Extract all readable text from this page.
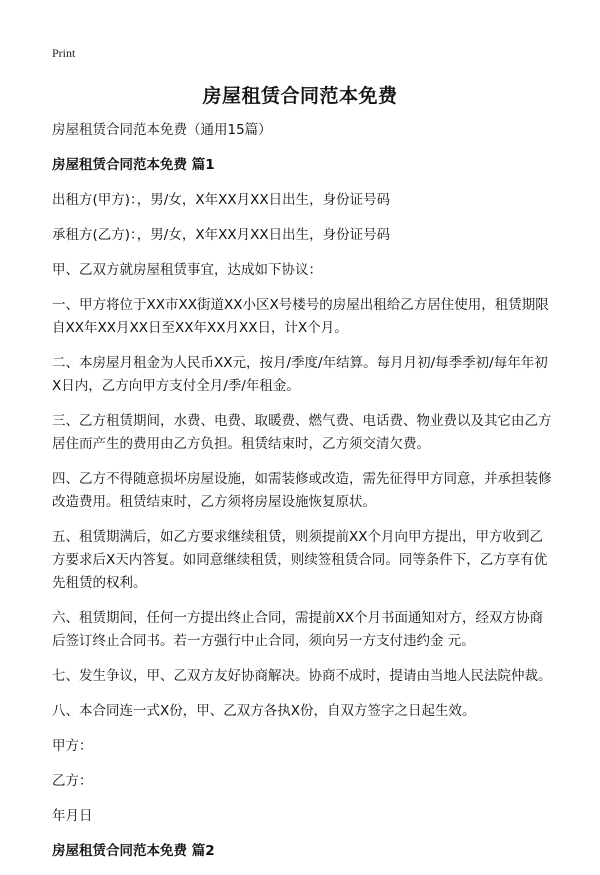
Print
房屋租赁合同范本免费

房屋租赁合同范本免费（通用15篇）

房屋租赁合同范本免费 篇1

出租方(甲方)：，男/女，X年XX月XX日出生，身份证号码

承租方(乙方)：，男/女，X年XX月XX日出生，身份证号码

甲、乙双方就房屋租赁事宜，达成如下协议：

一、甲方将位于XX市XX街道XX小区X号楼号的房屋出租给乙方居住使用，租赁期限自XX年XX月XX日至XX年XX月XX日，计X个月。

二、本房屋月租金为人民币XX元，按月/季度/年结算。每月月初/每季季初/每年年初X日内，乙方向甲方支付全月/季/年租金。

三、乙方租赁期间，水费、电费、取暖费、燃气费、电话费、物业费以及其它由乙方居住而产生的费用由乙方负担。租赁结束时，乙方须交清欠费。

四、乙方不得随意损坏房屋设施，如需装修或改造，需先征得甲方同意，并承担装修改造费用。租赁结束时，乙方须将房屋设施恢复原状。

五、租赁期满后，如乙方要求继续租赁，则须提前XX个月向甲方提出，甲方收到乙方要求后X天内答复。如同意继续租赁，则续签租赁合同。同等条件下，乙方享有优先租赁的权利。

六、租赁期间，任何一方提出终止合同，需提前XX个月书面通知对方，经双方协商后签订终止合同书。若一方强行中止合同，须向另一方支付违约金 元。

七、发生争议，甲、乙双方友好协商解决。协商不成时，提请由当地人民法院仲裁。

八、本合同连一式X份，甲、乙双方各执X份，自双方签字之日起生效。

甲方：

乙方：

年月日

房屋租赁合同范本免费 篇2
